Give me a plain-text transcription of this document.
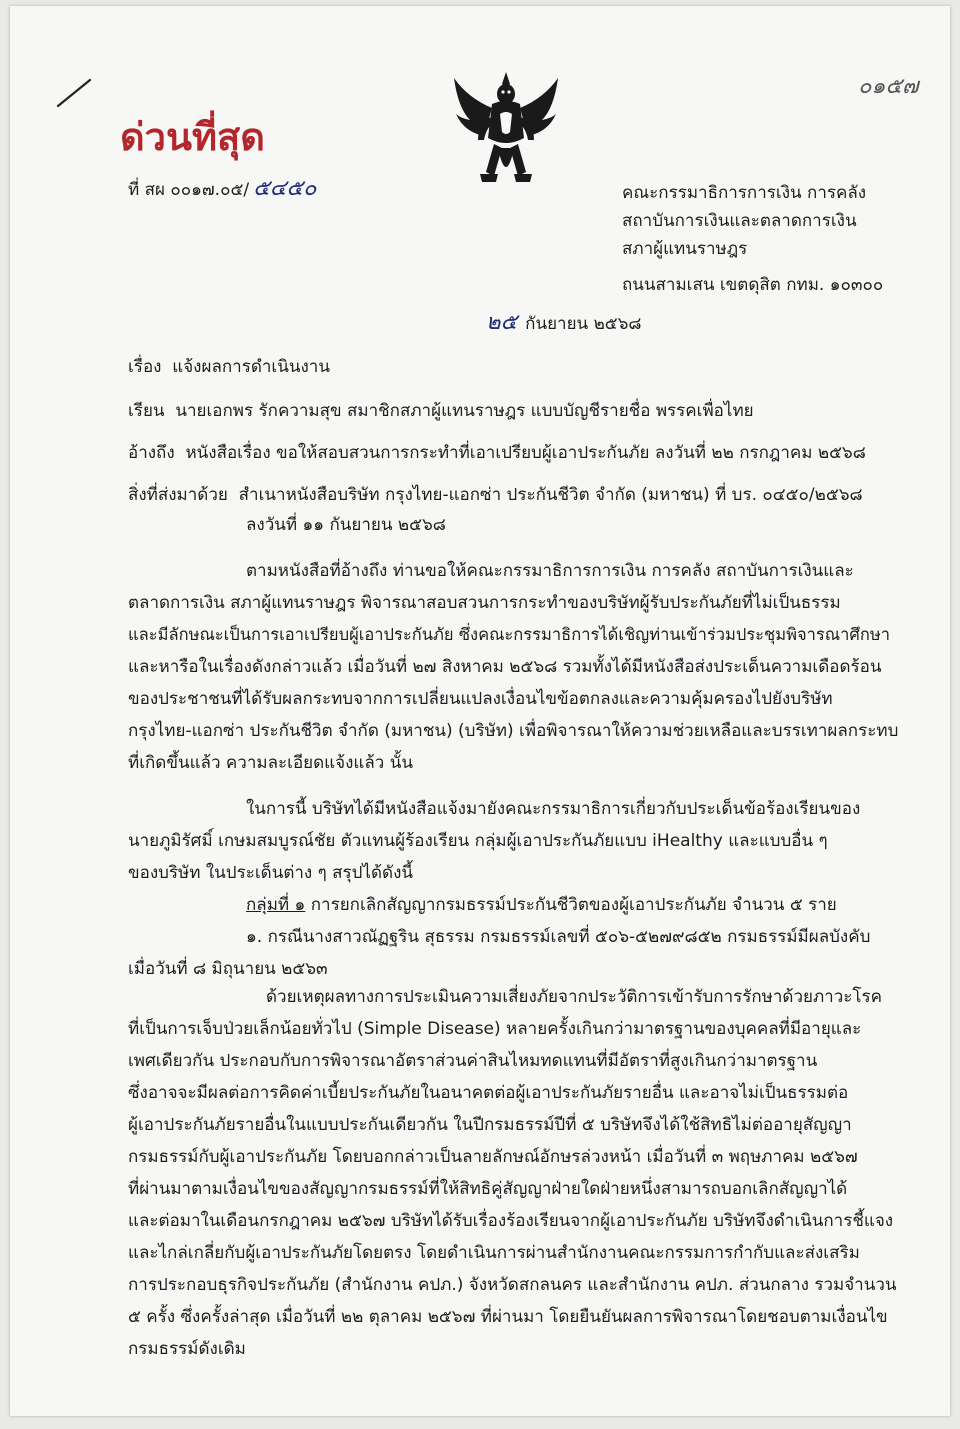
๐๑๕๗
ด่วนที่สุด
ที่ สผ ๐๐๑๗.๐๕/ ๕๔๕๐	คณะกรรมาธิการการเงิน การคลัง
สถาบันการเงินและตลาดการเงิน
สภาผู้แทนราษฎร
ถนนสามเสน เขตดุสิต กทม. ๑๐๓๐๐
๒๕ กันยายน ๒๕๖๘
เรื่อง แจ้งผลการดำเนินงาน
เรียน นายเอกพร รักความสุข สมาชิกสภาผู้แทนราษฎร แบบบัญชีรายชื่อ พรรคเพื่อไทย
อ้างถึง หนังสือเรื่อง ขอให้สอบสวนการกระทำที่เอาเปรียบผู้เอาประกันภัย ลงวันที่ ๒๒ กรกฎาคม ๒๕๖๘
สิ่งที่ส่งมาด้วย สำเนาหนังสือบริษัท กรุงไทย-แอกซ่า ประกันชีวิต จำกัด (มหาชน) ที่ บร. ๐๔๕๐/๒๕๖๘
ลงวันที่ ๑๑ กันยายน ๒๕๖๘
ตามหนังสือที่อ้างถึง ท่านขอให้คณะกรรมาธิการการเงิน การคลัง สถาบันการเงินและ
ตลาดการเงิน สภาผู้แทนราษฎร พิจารณาสอบสวนการกระทำของบริษัทผู้รับประกันภัยที่ไม่เป็นธรรม
และมีลักษณะเป็นการเอาเปรียบผู้เอาประกันภัย ซึ่งคณะกรรมาธิการได้เชิญท่านเข้าร่วมประชุมพิจารณาศึกษา
และหารือในเรื่องดังกล่าวแล้ว เมื่อวันที่ ๒๗ สิงหาคม ๒๕๖๘ รวมทั้งได้มีหนังสือส่งประเด็นความเดือดร้อน
ของประชาชนที่ได้รับผลกระทบจากการเปลี่ยนแปลงเงื่อนไขข้อตกลงและความคุ้มครองไปยังบริษัท
กรุงไทย-แอกซ่า ประกันชีวิต จำกัด (มหาชน) (บริษัท) เพื่อพิจารณาให้ความช่วยเหลือและบรรเทาผลกระทบ
ที่เกิดขึ้นแล้ว ความละเอียดแจ้งแล้ว นั้น
ในการนี้ บริษัทได้มีหนังสือแจ้งมายังคณะกรรมาธิการเกี่ยวกับประเด็นข้อร้องเรียนของ
นายภูมิรัศมิ์ เกษมสมบูรณ์ชัย ตัวแทนผู้ร้องเรียน กลุ่มผู้เอาประกันภัยแบบ iHealthy และแบบอื่น ๆ
ของบริษัท ในประเด็นต่าง ๆ สรุปได้ดังนี้
กลุ่มที่ ๑ การยกเลิกสัญญากรมธรรม์ประกันชีวิตของผู้เอาประกันภัย จำนวน ๕ ราย
๑. กรณีนางสาวณัฏฐริน สุธรรม กรมธรรม์เลขที่ ๕๐๖-๕๒๗๙๘๕๒ กรมธรรม์มีผลบังคับ
เมื่อวันที่ ๘ มิถุนายน ๒๕๖๓
ด้วยเหตุผลทางการประเมินความเสี่ยงภัยจากประวัติการเข้ารับการรักษาด้วยภาวะโรค
ที่เป็นการเจ็บป่วยเล็กน้อยทั่วไป (Simple Disease) หลายครั้งเกินกว่ามาตรฐานของบุคคลที่มีอายุและ
เพศเดียวกัน ประกอบกับการพิจารณาอัตราส่วนค่าสินไหมทดแทนที่มีอัตราที่สูงเกินกว่ามาตรฐาน
ซึ่งอาจจะมีผลต่อการคิดค่าเบี้ยประกันภัยในอนาคตต่อผู้เอาประกันภัยรายอื่น และอาจไม่เป็นธรรมต่อ
ผู้เอาประกันภัยรายอื่นในแบบประกันเดียวกัน ในปีกรมธรรม์ปีที่ ๕ บริษัทจึงได้ใช้สิทธิไม่ต่ออายุสัญญา
กรมธรรม์กับผู้เอาประกันภัย โดยบอกกล่าวเป็นลายลักษณ์อักษรล่วงหน้า เมื่อวันที่ ๓ พฤษภาคม ๒๕๖๗
ที่ผ่านมาตามเงื่อนไขของสัญญากรมธรรม์ที่ให้สิทธิคู่สัญญาฝ่ายใดฝ่ายหนึ่งสามารถบอกเลิกสัญญาได้
และต่อมาในเดือนกรกฎาคม ๒๕๖๗ บริษัทได้รับเรื่องร้องเรียนจากผู้เอาประกันภัย บริษัทจึงดำเนินการชี้แจง
และไกล่เกลี่ยกับผู้เอาประกันภัยโดยตรง โดยดำเนินการผ่านสำนักงานคณะกรรมการกำกับและส่งเสริม
การประกอบธุรกิจประกันภัย (สำนักงาน คปภ.) จังหวัดสกลนคร และสำนักงาน คปภ. ส่วนกลาง รวมจำนวน
๕ ครั้ง ซึ่งครั้งล่าสุด เมื่อวันที่ ๒๒ ตุลาคม ๒๕๖๗ ที่ผ่านมา โดยยืนยันผลการพิจารณาโดยชอบตามเงื่อนไข
กรมธรรม์ดังเดิม
